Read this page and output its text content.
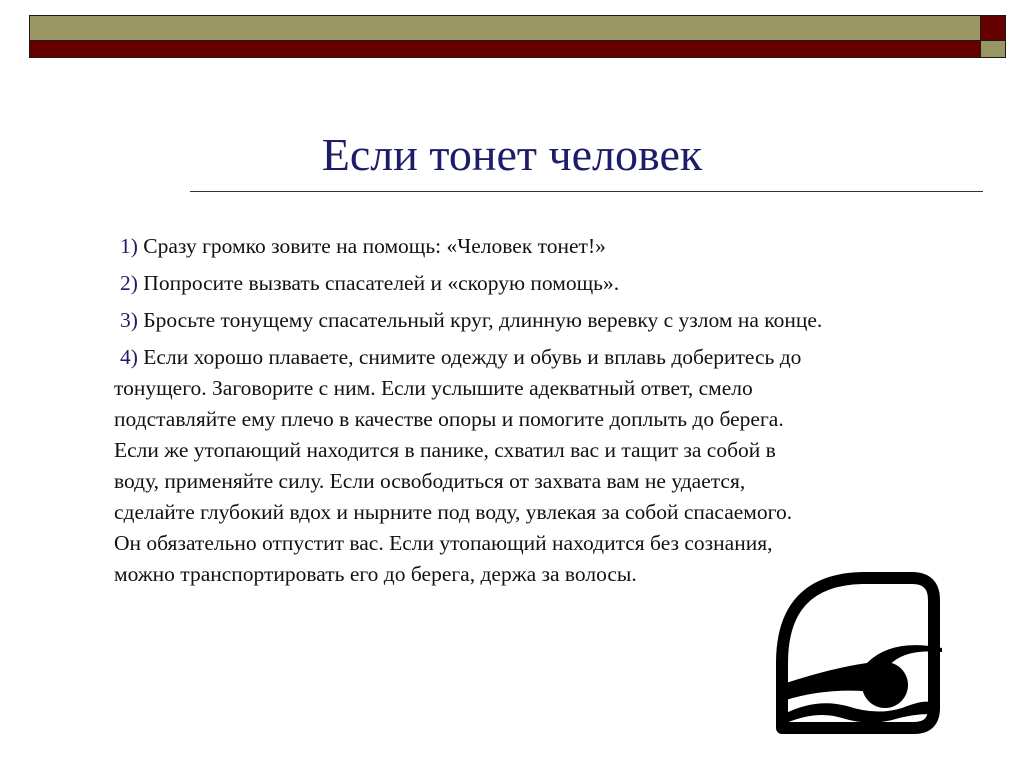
Если тонет человек
1) Сразу громко зовите на помощь: «Человек тонет!»
2) Попросите вызвать спасателей и «скорую помощь».
3) Бросьте тонущему спасательный круг, длинную веревку с узлом на конце.
4) Если хорошо плаваете, снимите одежду и обувь и вплавь доберитесь до
тонущего. Заговорите с ним. Если услышите адекватный ответ, смело
подставляйте ему плечо в качестве опоры и помогите доплыть до берега.
Если же утопающий находится в панике, схватил вас и тащит за собой в
воду, применяйте силу. Если освободиться от захвата вам не удается,
сделайте глубокий вдох и нырните под воду, увлекая за собой спасаемого.
Он обязательно отпустит вас. Если утопающий находится без сознания,
можно транспортировать его до берега, держа за волосы.
